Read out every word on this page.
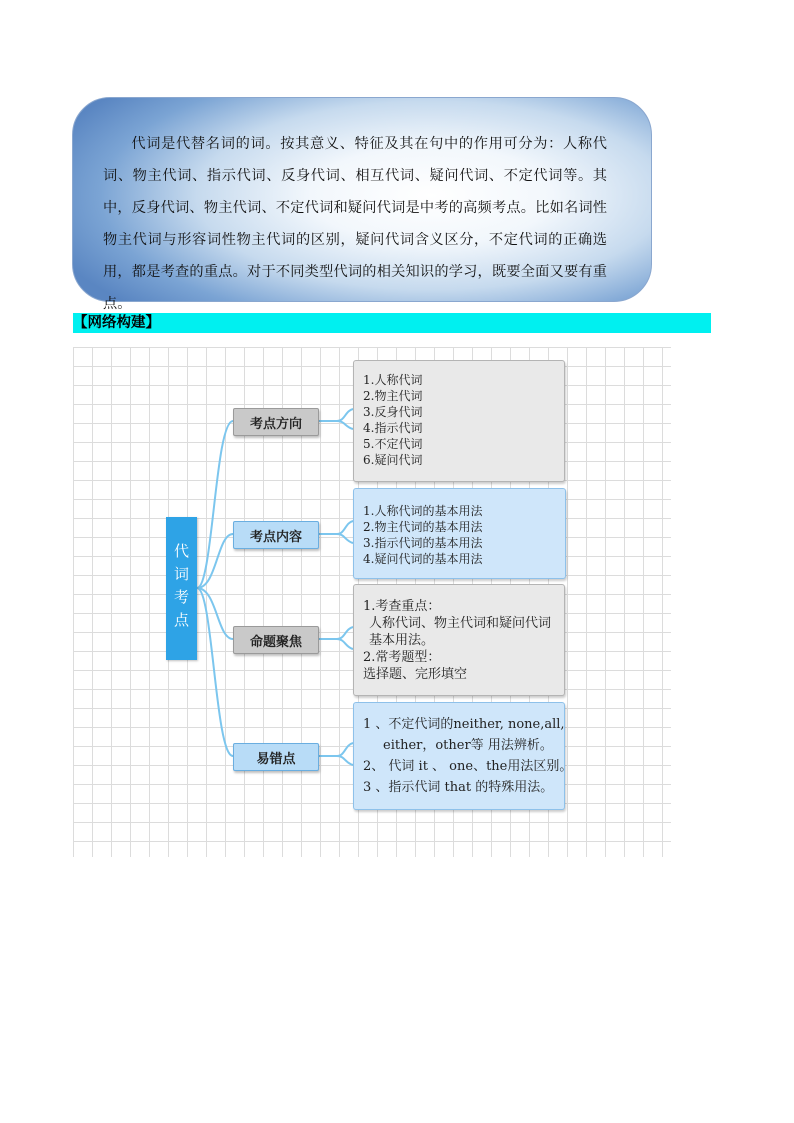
代词是代替名词的词。按其意义、特征及其在句中的作用可分为：人称代词、物主代词、指示代词、反身代词、相互代词、疑问代词、不定代词等。其中，反身代词、物主代词、不定代词和疑问代词是中考的高频考点。比如名词性物主代词与形容词性物主代词的区别，疑问代词含义区分，不定代词的正确选用，都是考查的重点。对于不同类型代词的相关知识的学习，既要全面又要有重点。
【网络构建】
代词考点
考点方向
考点内容
命题聚焦
易错点
1.人称代词
2.物主代词
3.反身代词
4.指示代词
5.不定代词
6.疑问代词
1.人称代词的基本用法
2.物主代词的基本用法
3.指示代词的基本用法
4.疑问代词的基本用法
1.考查重点：
人称代词、物主代词和疑问代词
基本用法。
2.常考题型：
选择题、完形填空
1 、不定代词的neither, none,all,
either，other等 用法辨析。
2、 代词 it 、 one、the用法区别。
3 、指示代词 that 的特殊用法。
